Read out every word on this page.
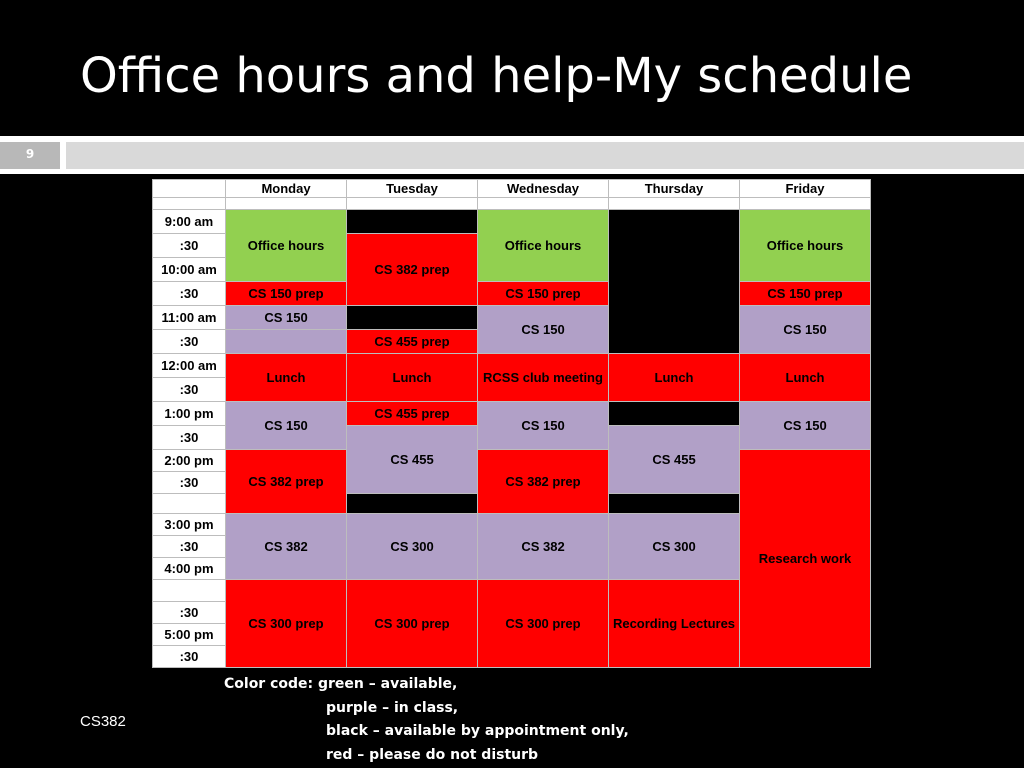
Office hours and help-My schedule
9
	Monday	Tuesday	Wednesday	Thursday	Friday

9:00 am	Office hours		Office hours		Office hours
:30		CS 382 prep			
10:00 am					
:30	CS 150 prep		CS 150 prep		CS 150 prep
11:00 am	CS 150		CS 150		CS 150
:30		CS 455 prep			
12:00 am	Lunch	Lunch	RCSS club meeting	Lunch	Lunch
:30					
1:00 pm	CS 150	CS 455 prep	CS 150		CS 150
:30		CS 455		CS 455	
2:00 pm	CS 382 prep		CS 382 prep		Research work
:30					

3:00 pm	CS 382	CS 300	CS 382	CS 300	
:30					
4:00 pm					
	CS 300 prep	CS 300 prep	CS 300 prep	Recording Lectures	
:30					
5:00 pm					
:30					
Color code: green – available,
purple – in class,
black – available by appointment only,
red – please do not disturb
CS382
